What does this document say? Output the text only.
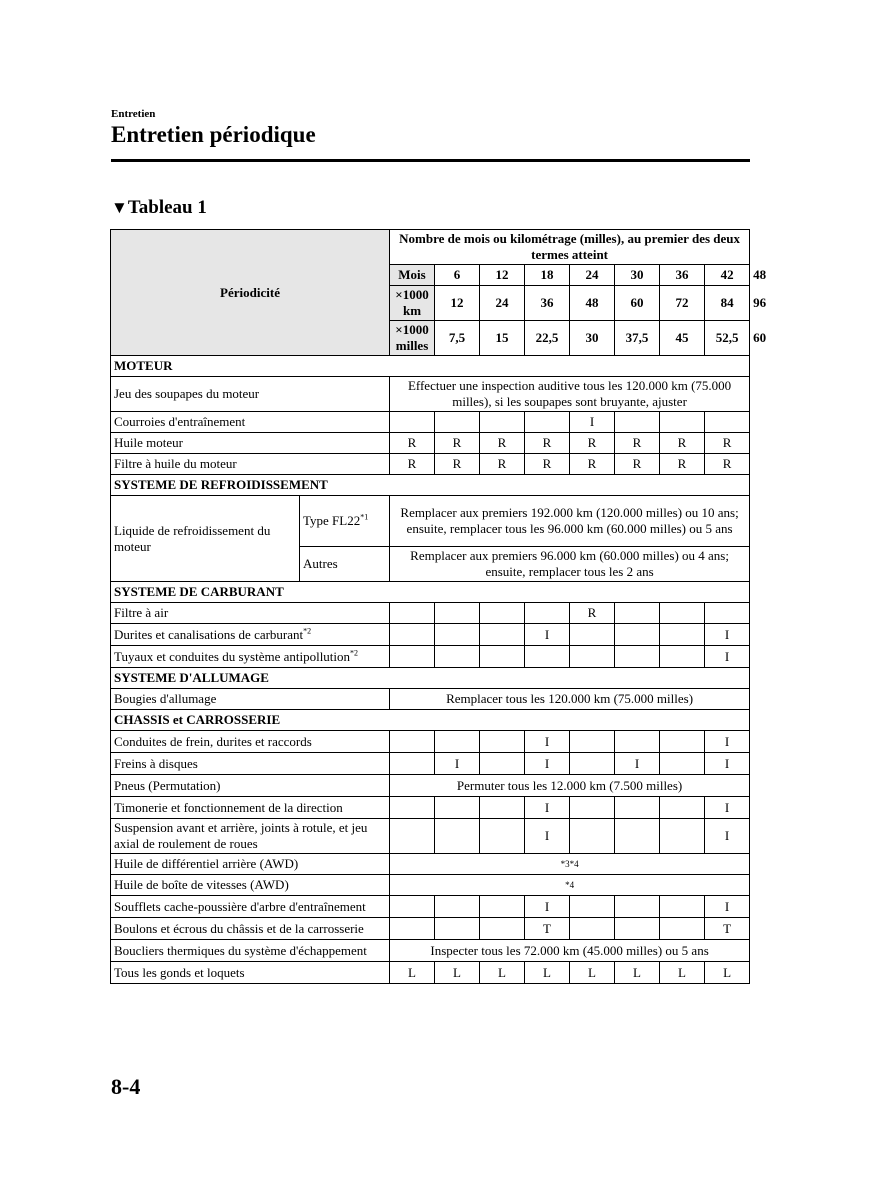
Entretien
Entretien périodique
▼Tableau 1
Périodicité		Nombre de mois ou kilométrage (milles), au premier des deux termes atteint								
		Mois	6	12	18	24	30	36	42	48
		×1000 km	12	24	36	48	60	72	84	96
		×1000 milles	7,5	15	22,5	30	37,5	45	52,5	60
MOTEUR										
Jeu des soupapes du moteur		Effectuer une inspection auditive tous les 120.000 km (75.000 milles), si les soupapes sont bruyante, ajuster								
Courroies d'entraînement						I				
Huile moteur		R	R	R	R	R	R	R	R	
Filtre à huile du moteur		R	R	R	R	R	R	R	R	
SYSTEME DE REFROIDISSEMENT										
Liquide de refroidissement du moteur	Type FL22$^{*1}$	Remplacer aux premiers 192.000 km (120.000 milles) ou 10 ans; ensuite, remplacer tous les 96.000 km (60.000 milles) ou 5 ans								
	Autres	Remplacer aux premiers 96.000 km (60.000 milles) ou 4 ans; ensuite, remplacer tous les 2 ans								
SYSTEME DE CARBURANT										
Filtre à air						R				
Durites et canalisations de carburant$^{*2}$					I				I	
Tuyaux et conduites du système antipollution$^{*2}$									I	
SYSTEME D'ALLUMAGE										
Bougies d'allumage		Remplacer tous les 120.000 km (75.000 milles)								
CHASSIS et CARROSSERIE										
Conduites de frein, durites et raccords					I				I	
Freins à disques			I		I		I		I	
Pneus (Permutation)		Permuter tous les 12.000 km (7.500 milles)								
Timonerie et fonctionnement de la direction					I				I	
Suspension avant et arrière, joints à rotule, et jeu axial de roulement de roues					I				I	
Huile de différentiel arrière (AWD)		*3*4								
Huile de boîte de vitesses (AWD)		*4								
Soufflets cache-poussière d'arbre d'entraînement					I				I	
Boulons et écrous du châssis et de la carrosserie					T				T	
Boucliers thermiques du système d'échappement		Inspecter tous les 72.000 km (45.000 milles) ou 5 ans								
Tous les gonds et loquets		L	L	L	L	L	L	L	L	
8-4
